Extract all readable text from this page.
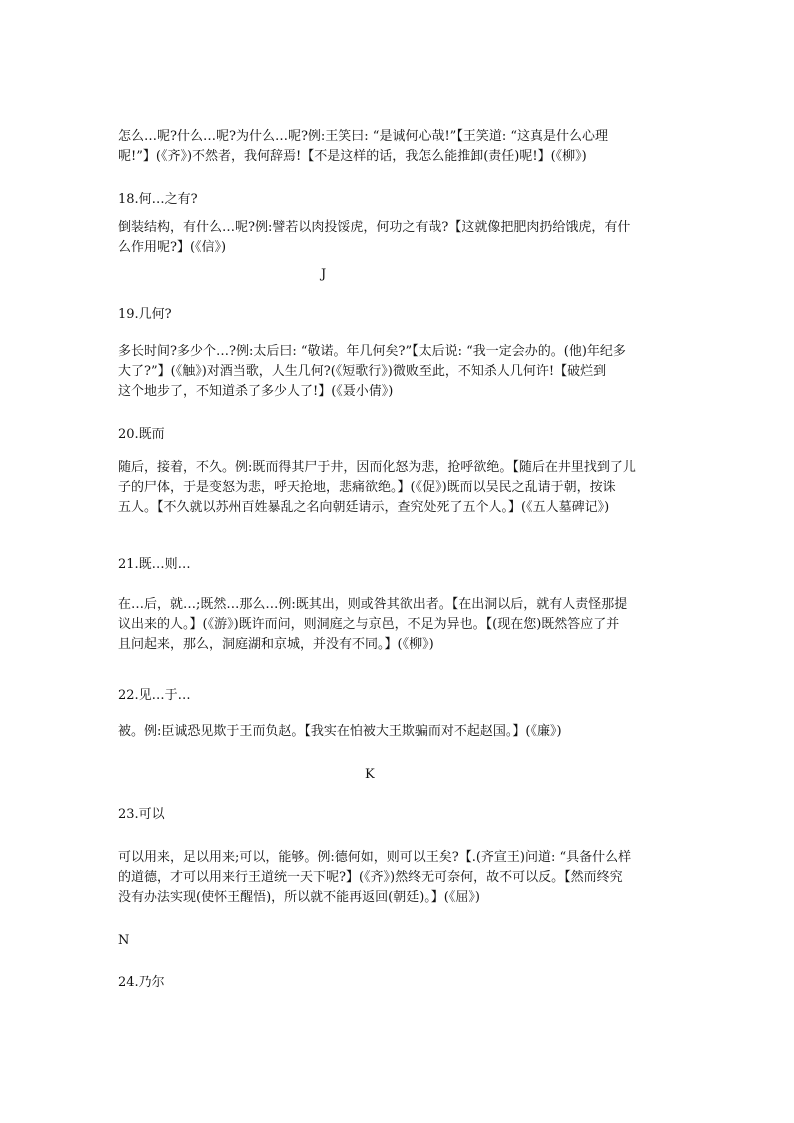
怎么…呢?什么…呢?为什么…呢?例:王笑曰: “是诚何心哉!”【王笑道: “这真是什么心理
呢!”】(《齐》)不然者，我何辞焉!【不是这样的话，我怎么能推卸(责任)呢!】(《柳》)

18.何…之有?

倒装结构，有什么…呢?例:譬若以肉投馁虎，何功之有哉?【这就像把肥肉扔给饿虎，有什
么作用呢?】(《信》)

J

19.几何?

多长时间?多少个…?例:太后曰: “敬诺。年几何矣?”【太后说: “我一定会办的。(他)年纪多
大了?”】(《触》)对酒当歌，人生几何?(《短歌行》)微败至此，不知杀人几何许!【破烂到
这个地步了，不知道杀了多少人了!】(《聂小倩》)

20.既而

随后，接着，不久。例:既而得其尸于井，因而化怒为悲，抢呼欲绝。【随后在井里找到了儿
子的尸体，于是变怒为悲，呼天抢地，悲痛欲绝。】(《促》)既而以吴民之乱请于朝，按诛
五人。【不久就以苏州百姓暴乱之名向朝廷请示，查究处死了五个人。】(《五人墓碑记》)

21.既…则…

在…后，就…;既然…那么…例:既其出，则或咎其欲出者。【在出洞以后，就有人责怪那提
议出来的人。】(《游》)既许而问，则洞庭之与京邑，不足为异也。【(现在您)既然答应了并
且问起来，那么，洞庭湖和京城，并没有不同。】(《柳》)

22.见…于…

被。例:臣诚恐见欺于王而负赵。【我实在怕被大王欺骗而对不起赵国。】(《廉》)

K

23.可以

可以用来，足以用来;可以，能够。例:德何如，则可以王矣?【.(齐宣王)问道: “具备什么样
的道德，才可以用来行王道统一天下呢?】(《齐》)然终无可奈何，故不可以反。【然而终究
没有办法实现(使怀王醒悟)，所以就不能再返回(朝廷)。】(《屈》)

N

24.乃尔
